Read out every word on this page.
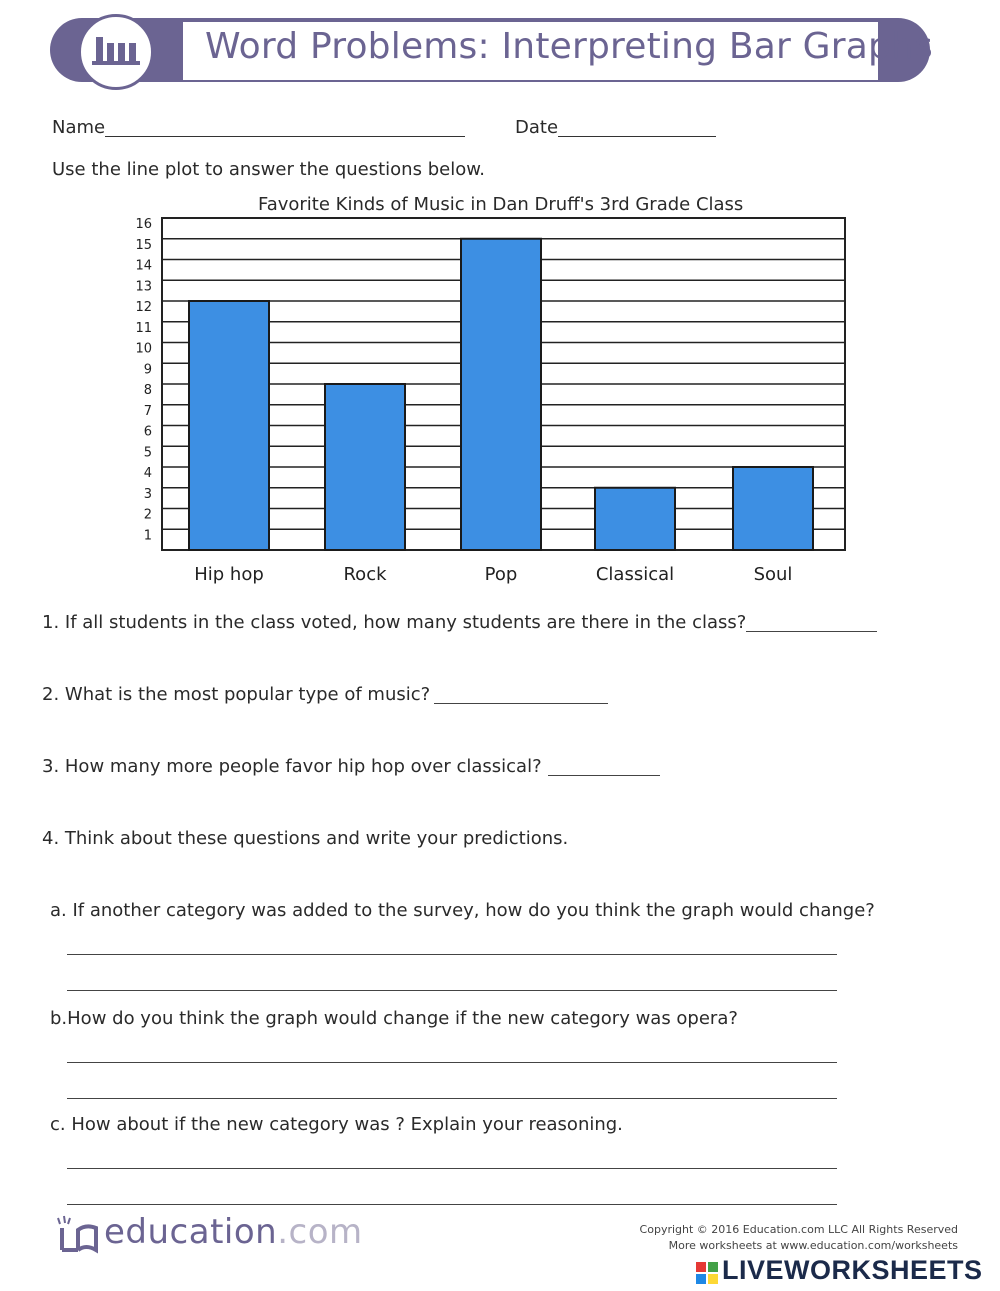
Word Problems: Interpreting Bar Graphs
Name	Date
Use the line plot to answer the questions below.
Favorite Kinds of Music in Dan Druff's 3rd Grade Class
1
2
3
4
5
6
7
8
9
10
11
12
13
14
15
16
Hip hop	Rock	Pop	Classical	Soul
1. If all students in the class voted, how many students are there in the class?
2. What is the most popular type of music?
3. How many more people favor hip hop over classical?
4. Think about these questions and write your predictions.
a. If another category was added to the survey, how do you think the graph would change?
b.How do you think the graph would change if the new category was opera?
c. How about if the new category was ? Explain your reasoning.
education.com	Copyright © 2016 Education.com LLC All Rights Reserved
More worksheets at www.education.com/worksheets
LIVEWORKSHEETS
